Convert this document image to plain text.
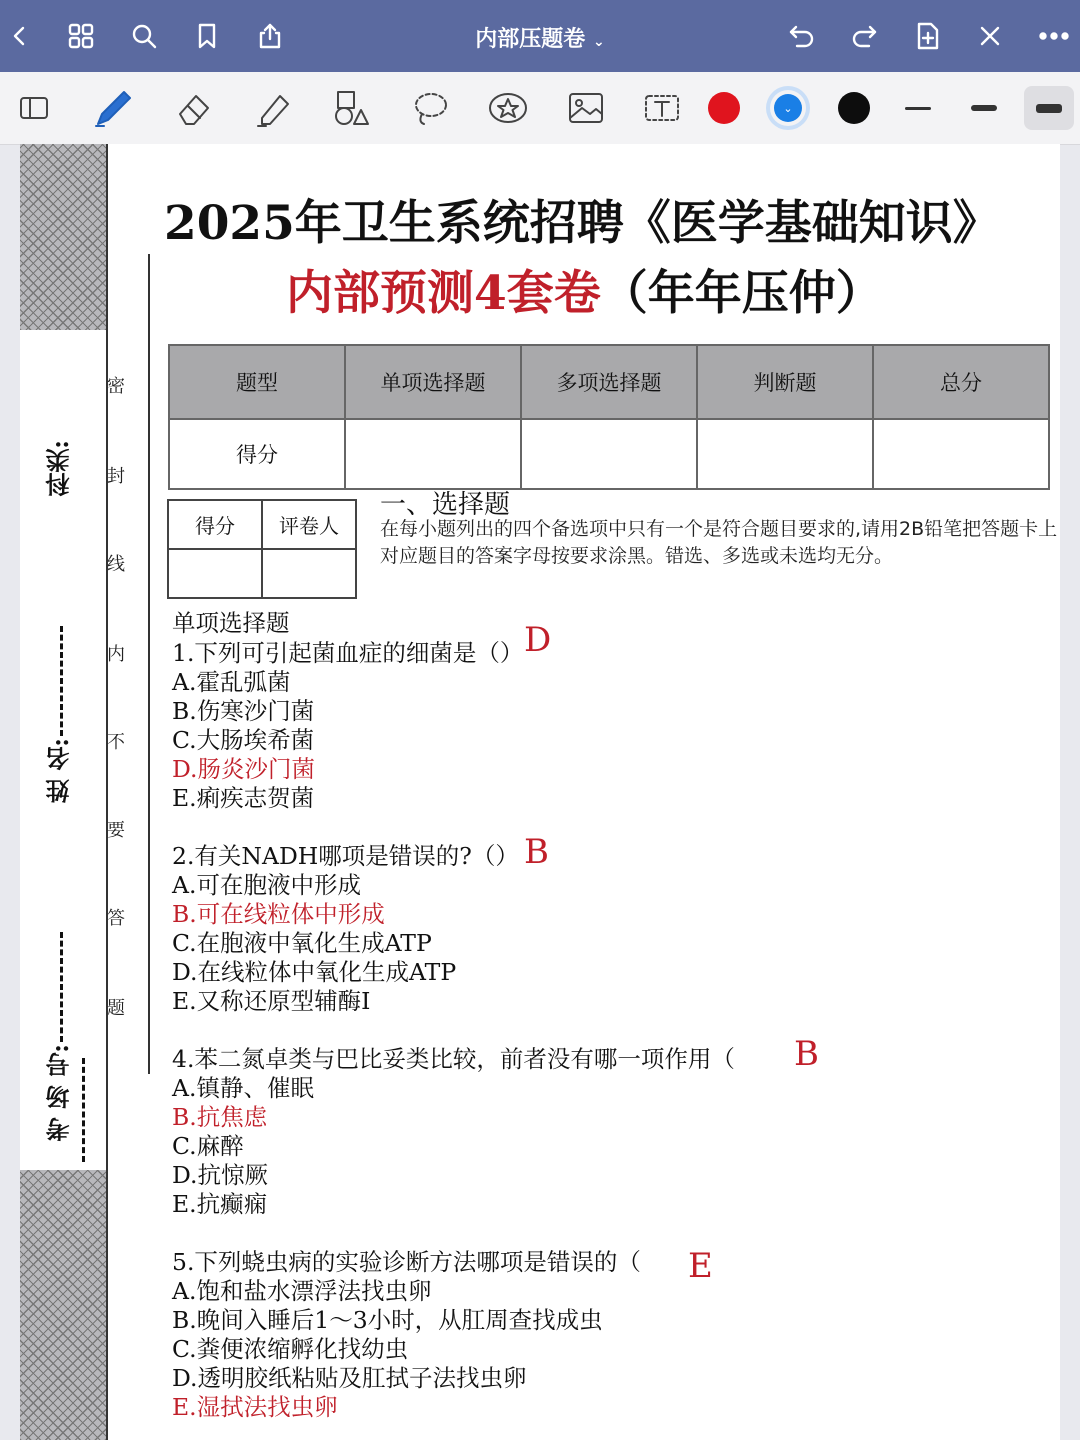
内部压题卷 ⌄
⌄
科类:
姓 名:
考 场 号:
密
封
线
内
不
要
答
题
2025年卫生系统招聘《医学基础知识》
内部预测4套卷（年年压仲）
题型	单项选择题	多项选择题	判断题	总分
得分				
得分	评卷人

一、选择题
在每小题列出的四个备选项中只有一个是符合题目要求的,请用2B铅笔把答题卡上对应题目的答案字母按要求涂黑。错选、多选或未选均无分。
单项选择题
1.下列可引起菌血症的细菌是（） D
A.霍乱弧菌
B.伤寒沙门菌
C.大肠埃希菌
D.肠炎沙门菌
E.痢疾志贺菌
2.有关NADH哪项是错误的?（） B
A.可在胞液中形成
B.可在线粒体中形成
C.在胞液中氧化生成ATP
D.在线粒体中氧化生成ATP
E.又称还原型辅酶Ⅰ
4.苯二氮卓类与巴比妥类比较，前者没有哪一项作用（ B
A.镇静、催眠
B.抗焦虑
C.麻醉
D.抗惊厥
E.抗癫痫
5.下列蛲虫病的实验诊断方法哪项是错误的（ E
A.饱和盐水漂浮法找虫卵
B.晚间入睡后1～3小时，从肛周查找成虫
C.粪便浓缩孵化找幼虫
D.透明胶纸粘贴及肛拭子法找虫卵
E.湿拭法找虫卵
